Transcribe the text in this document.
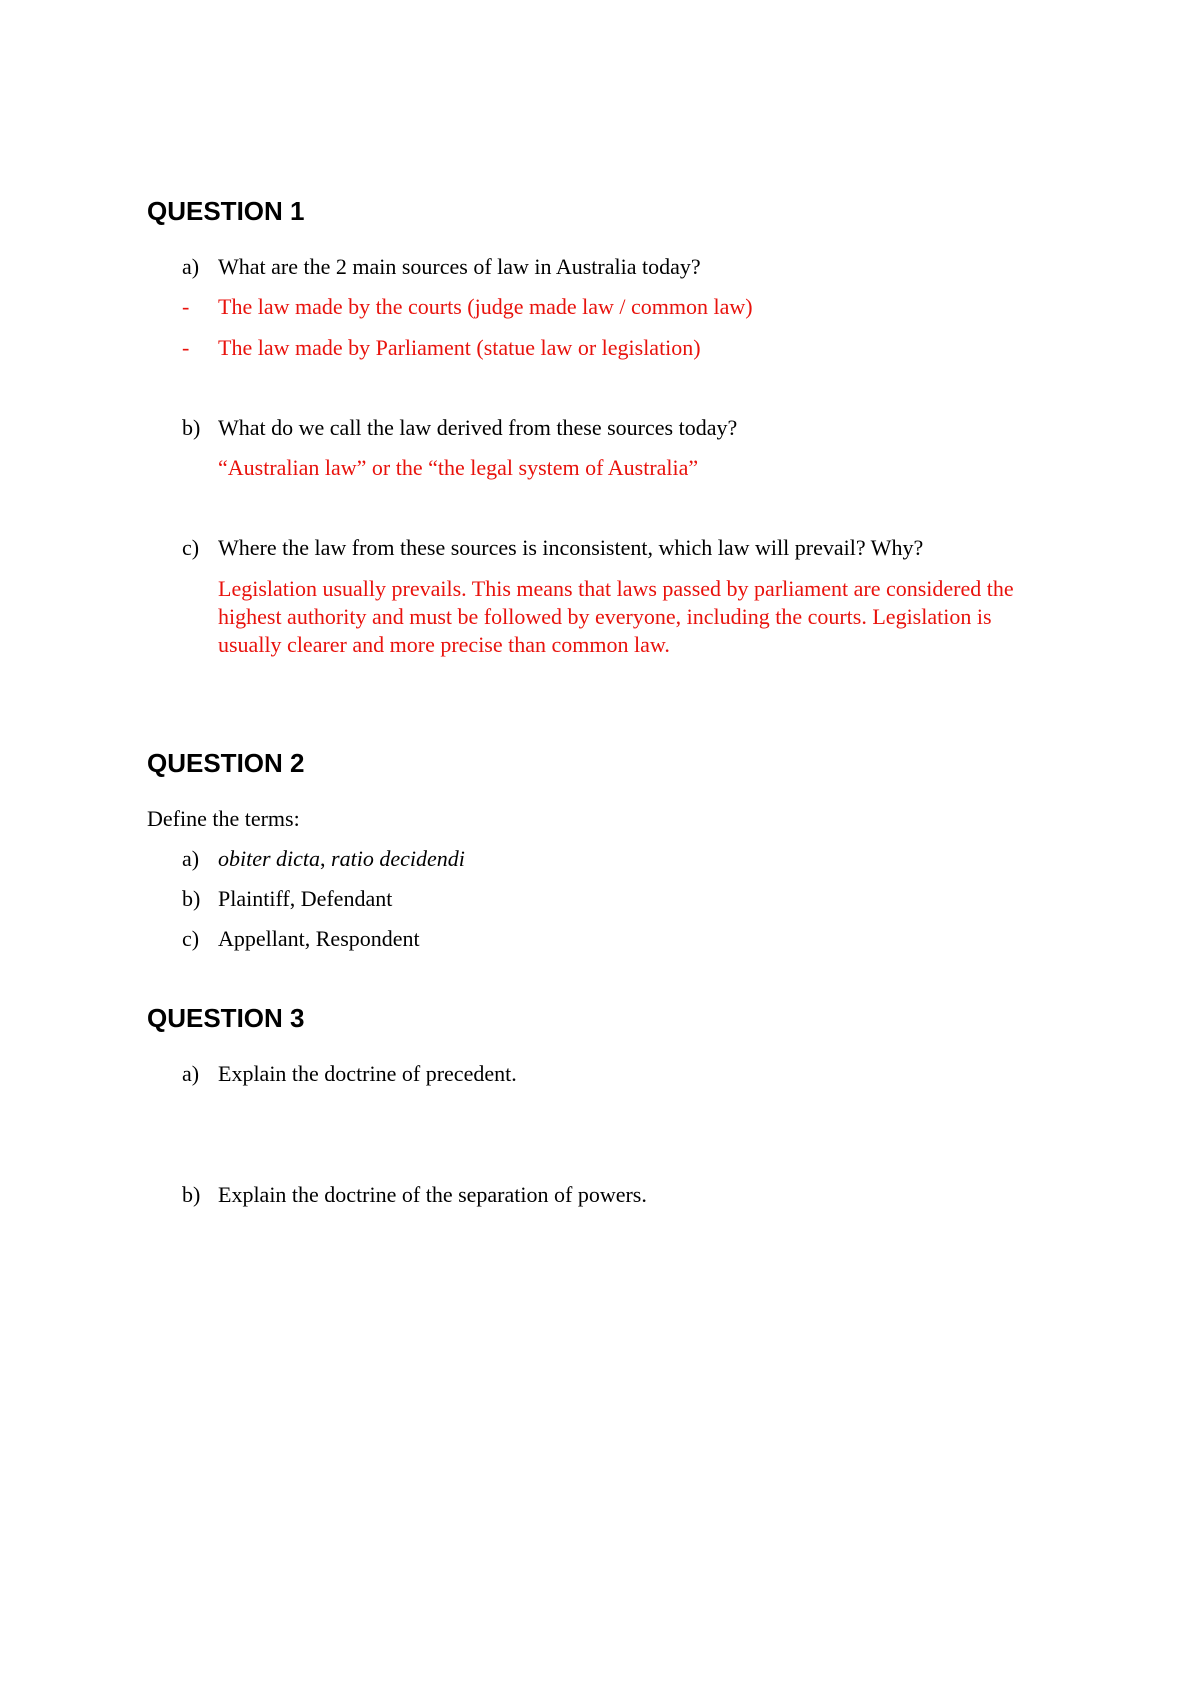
QUESTION 1
a) What are the 2 main sources of law in Australia today?
- The law made by the courts (judge made law / common law)
- The law made by Parliament (statue law or legislation)
b) What do we call the law derived from these sources today?
“Australian law” or the “the legal system of Australia”
c) Where the law from these sources is inconsistent, which law will prevail? Why?
Legislation usually prevails. This means that laws passed by parliament are considered the highest authority and must be followed by everyone, including the courts. Legislation is usually clearer and more precise than common law.
QUESTION 2
Define the terms:
a) obiter dicta, ratio decidendi
b) Plaintiff, Defendant
c) Appellant, Respondent
QUESTION 3
a) Explain the doctrine of precedent.
b) Explain the doctrine of the separation of powers.
